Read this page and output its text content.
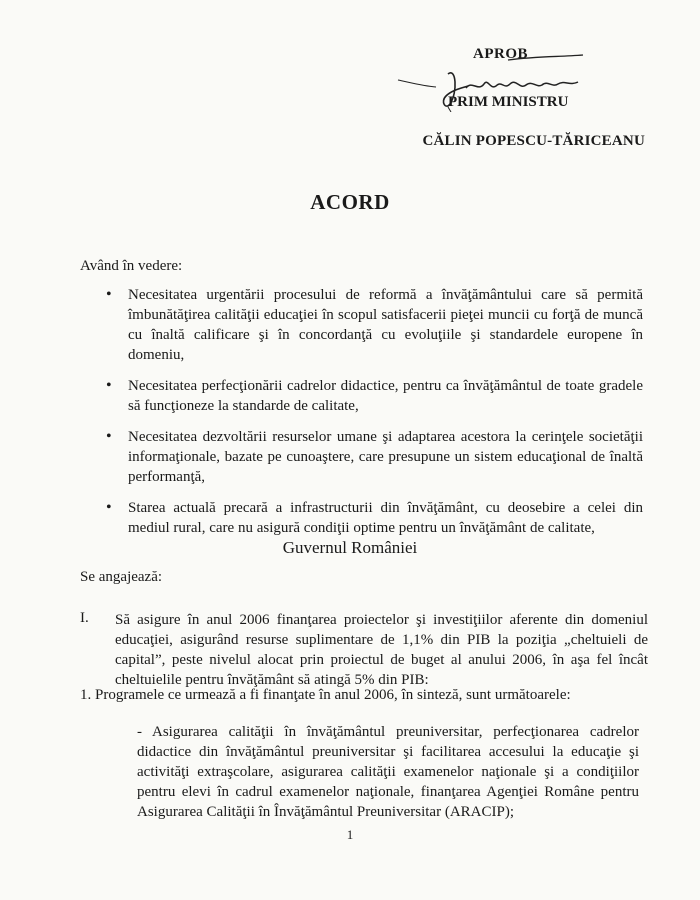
APROB
PRIM MINISTRU
CĂLIN POPESCU-TĂRICEANU
ACORD
Având în vedere:
• Necesitatea urgentării procesului de reformă a învăţământului care să permită îmbunătăţirea calităţii educaţiei în scopul satisfacerii pieţei muncii cu forţă de muncă cu înaltă calificare şi în concordanţă cu evoluţiile şi standardele europene în domeniu,
• Necesitatea perfecţionării cadrelor didactice, pentru ca învăţământul de toate gradele să funcţioneze la standarde de calitate,
• Necesitatea dezvoltării resurselor umane şi adaptarea acestora la cerinţele societăţii informaţionale, bazate pe cunoaştere, care presupune un sistem educaţional de înaltă performanţă,
• Starea actuală precară a infrastructurii din învăţământ, cu deosebire a celei din mediul rural, care nu asigură condiţii optime pentru un învăţământ de calitate,
Guvernul României
Se angajează:
I. Să asigure în anul 2006 finanţarea proiectelor şi investiţiilor aferente din domeniul educaţiei, asigurând resurse suplimentare de 1,1% din PIB la poziţia „cheltuieli de capital”, peste nivelul alocat prin proiectul de buget al anului 2006, în aşa fel încât cheltuielile pentru învăţământ să atingă 5% din PIB:
1. Programele ce urmează a fi finanţate în anul 2006, în sinteză, sunt următoarele:
- Asigurarea calităţii în învăţământul preuniversitar, perfecţionarea cadrelor didactice din învăţământul preuniversitar şi facilitarea accesului la educaţie şi activităţi extraşcolare, asigurarea calităţii examenelor naţionale şi a condiţiilor pentru elevi în cadrul examenelor naţionale, finanţarea Agenţiei Române pentru Asigurarea Calităţii în Învăţământul Preuniversitar (ARACIP);
1
